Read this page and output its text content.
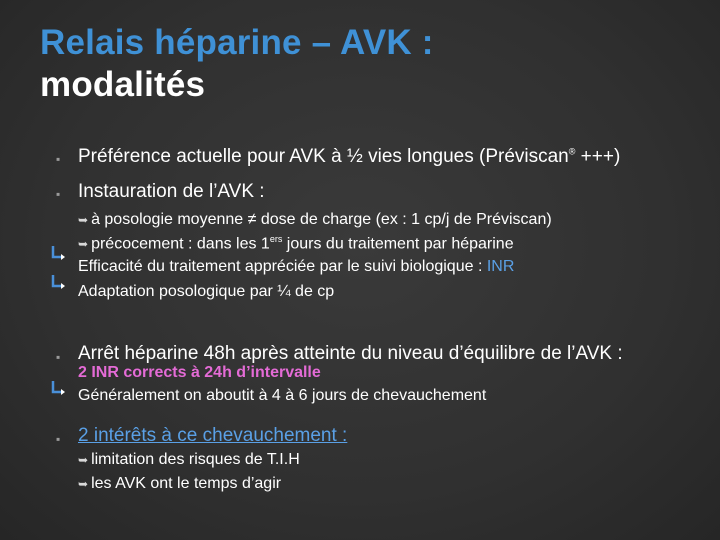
Relais héparine – AVK :
modalités
▪ Préférence actuelle pour AVK à ½ vies longues (Préviscan® +++)
▪ Instauration de l’AVK :
➥ à posologie moyenne ≠ dose de charge (ex : 1 cp/j de Préviscan)
➥ précocement : dans les 1ers jours du traitement par héparine
Efficacité du traitement appréciée par le suivi biologique : INR
Adaptation posologique par ¼ de cp
▪ Arrêt héparine 48h après atteinte du niveau d’équilibre de l’AVK :
2 INR corrects à 24h d’intervalle
Généralement on aboutit à 4 à 6 jours de chevauchement
▪ 2 intérêts à ce chevauchement :
➥ limitation des risques de T.I.H
➥ les AVK ont le temps d’agir
